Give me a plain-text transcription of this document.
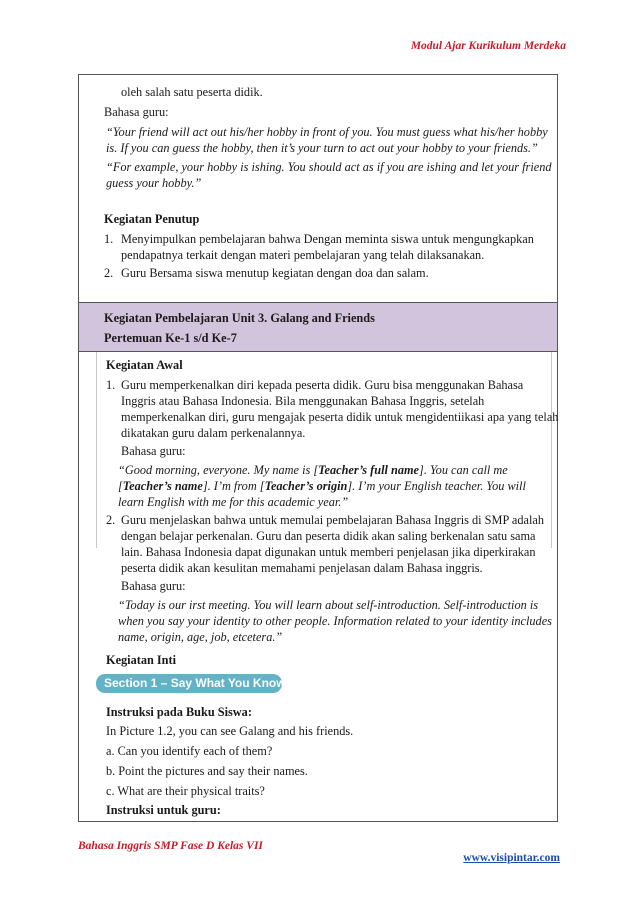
Modul Ajar Kurikulum Merdeka
oleh salah satu peserta didik.
Bahasa guru:
“Your friend will act out his/her hobby in front of you. You must guess what his/her hobby
is. If you can guess the hobby, then it’s your turn to act out your hobby to your friends.”
“For example, your hobby is ishing. You should act as if you are ishing and let your friend
guess your hobby.”
Kegiatan Penutup
1. Menyimpulkan pembelajaran bahwa Dengan meminta siswa untuk mengungkapkan
pendapatnya terkait dengan materi pembelajaran yang telah dilaksanakan.
2. Guru Bersama siswa menutup kegiatan dengan doa dan salam.
Kegiatan Pembelajaran Unit 3. Galang and Friends
Pertemuan Ke-1 s/d Ke-7
Kegiatan Awal
1. Guru memperkenalkan diri kepada peserta didik. Guru bisa menggunakan Bahasa
Inggris atau Bahasa Indonesia. Bila menggunakan Bahasa Inggris, setelah
memperkenalkan diri, guru mengajak peserta didik untuk mengidentiikasi apa yang telah
dikatakan guru dalam perkenalannya.
Bahasa guru:
“Good morning, everyone. My name is [Teacher’s full name]. You can call me
[Teacher’s name]. I’m from [Teacher’s origin]. I’m your English teacher. You will
learn English with me for this academic year.”
2. Guru menjelaskan bahwa untuk memulai pembelajaran Bahasa Inggris di SMP adalah
dengan belajar perkenalan. Guru dan peserta didik akan saling berkenalan satu sama
lain. Bahasa Indonesia dapat digunakan untuk memberi penjelasan jika diperkirakan
peserta didik akan kesulitan memahami penjelasan dalam Bahasa inggris.
Bahasa guru:
“Today is our irst meeting. You will learn about self-introduction. Self-introduction is
when you say your identity to other people. Information related to your identity includes
name, origin, age, job, etcetera.”
Kegiatan Inti
Section 1 – Say What You Know
Instruksi pada Buku Siswa:
In Picture 1.2, you can see Galang and his friends.
a. Can you identify each of them?
b. Point the pictures and say their names.
c. What are their physical traits?
Instruksi untuk guru:
Bahasa Inggris SMP Fase D Kelas VII
www.visipintar.com
